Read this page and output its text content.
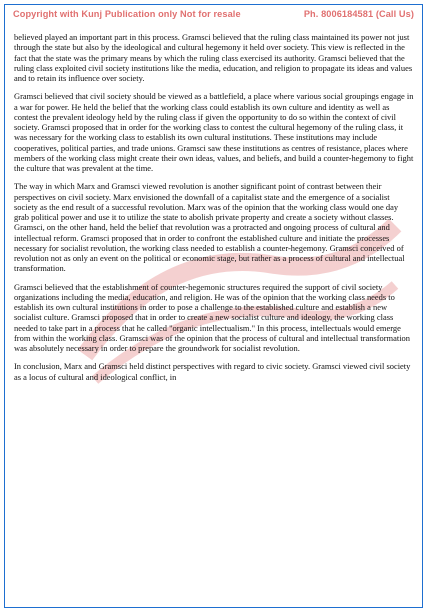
Copyright with Kunj Publication only Not for resale	Ph. 8006184581 (Call Us)

believed played an important part in this process. Gramsci believed that the ruling class maintained its power not just through the state but also by the ideological and cultural hegemony it held over society. This view is reflected in the fact that the state was the primary means by which the ruling class exercised its authority. Gramsci believed that the ruling class exploited civil society institutions like the media, education, and religion to propagate its ideas and values and to retain its influence over society.

Gramsci believed that civil society should be viewed as a battlefield, a place where various social groupings engage in a war for power. He held the belief that the working class could establish its own culture and identity as well as contest the prevalent ideology held by the ruling class if given the opportunity to do so within the context of civil society. Gramsci proposed that in order for the working class to contest the cultural hegemony of the ruling class, it was necessary for the working class to establish its own cultural institutions. These institutions may include cooperatives, political parties, and trade unions. Gramsci saw these institutions as centres of resistance, places where members of the working class might create their own ideas, values, and beliefs, and build a counter-hegemony to fight the culture that was prevalent at the time.

The way in which Marx and Gramsci viewed revolution is another significant point of contrast between their perspectives on civil society. Marx envisioned the downfall of a capitalist state and the emergence of a socialist society as the end result of a successful revolution. Marx was of the opinion that the working class would one day grab political power and use it to utilize the state to abolish private property and create a society without classes. Gramsci, on the other hand, held the belief that revolution was a protracted and ongoing process of cultural and intellectual reform. Gramsci proposed that in order to confront the established culture and initiate the processes necessary for socialist revolution, the working class needed to establish a counter-hegemony. Gramsci conceived of revolution not as only an event on the political or economic stage, but rather as a process of cultural and intellectual transformation.

Gramsci believed that the establishment of counter-hegemonic structures required the support of civil society organizations including the media, education, and religion. He was of the opinion that the working class needs to establish its own cultural institutions in order to pose a challenge to the established culture and establish a new socialist culture. Gramsci proposed that in order to create a new socialist culture and ideology, the working class needed to take part in a process that he called "organic intellectualism." In this process, intellectuals would emerge from within the working class. Gramsci was of the opinion that the process of cultural and intellectual transformation was absolutely necessary in order to prepare the groundwork for socialist revolution.

In conclusion, Marx and Gramsci held distinct perspectives with regard to civic society. Gramsci viewed civil society as a locus of cultural and ideological conflict, in
